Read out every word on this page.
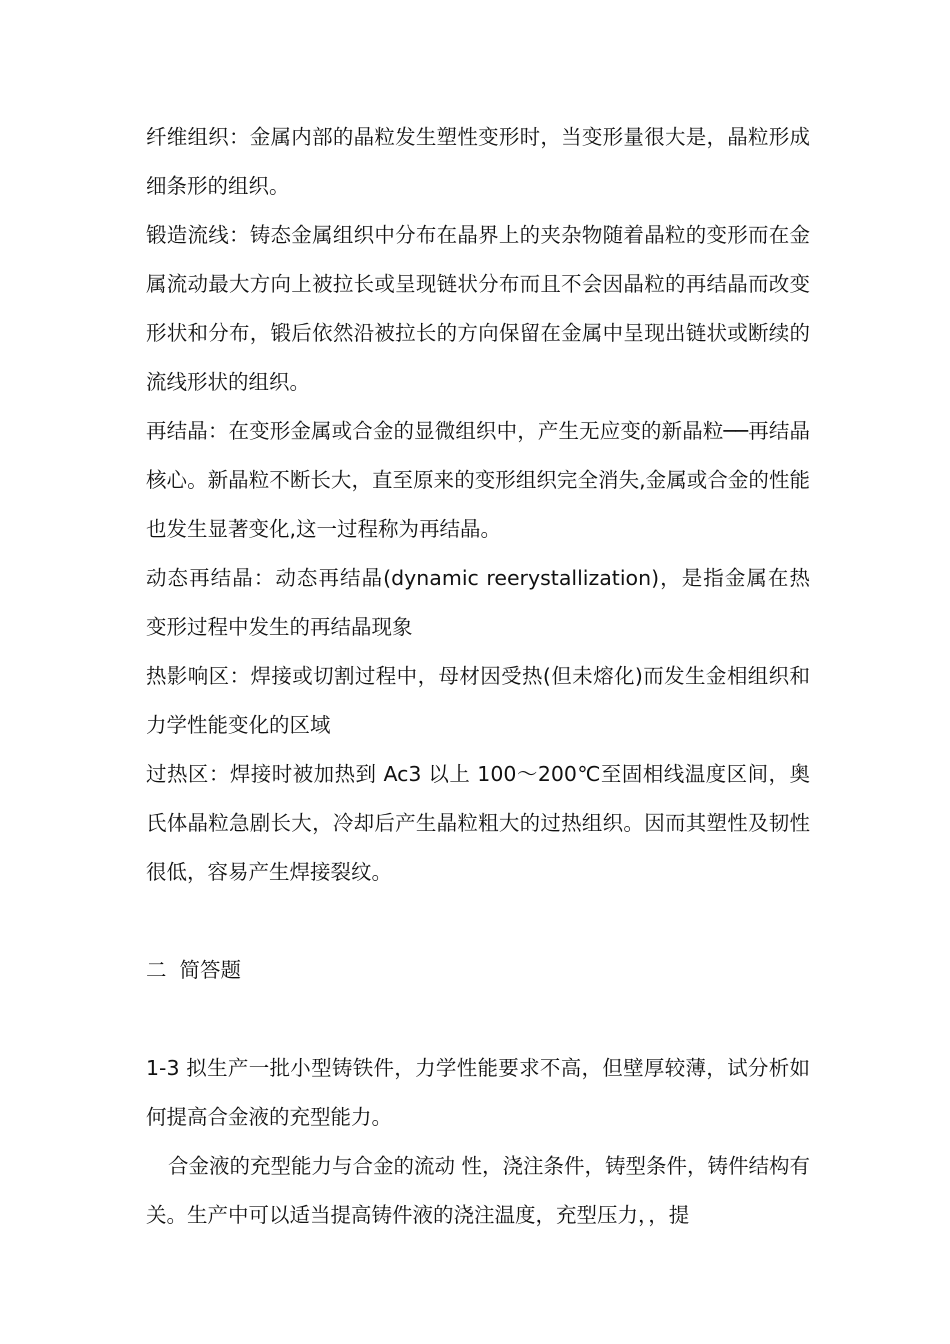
纤维组织：金属内部的晶粒发生塑性变形时，当变形量很大是，晶粒形成细条形的组织。

锻造流线：铸态金属组织中分布在晶界上的夹杂物随着晶粒的变形而在金属流动最大方向上被拉长或呈现链状分布而且不会因晶粒的再结晶而改变形状和分布，锻后依然沿被拉长的方向保留在金属中呈现出链状或断续的流线形状的组织。

再结晶：在变形金属或合金的显微组织中，产生无应变的新晶粒──再结晶核心。新晶粒不断长大，直至原来的变形组织完全消失,金属或合金的性能也发生显著变化,这一过程称为再结晶。

动态再结晶：动态再结晶(dynamic reerystallization)，是指金属在热变形过程中发生的再结晶现象

热影响区：焊接或切割过程中，母材因受热(但未熔化)而发生金相组织和力学性能变化的区域

过热区：焊接时被加热到 Ac3 以上 100～200℃至固相线温度区间，奥氏体晶粒急剧长大，冷却后产生晶粒粗大的过热组织。因而其塑性及韧性很低，容易产生焊接裂纹。

二  简答题

1-3 拟生产一批小型铸铁件，力学性能要求不高，但壁厚较薄，试分析如何提高合金液的充型能力。

合金液的充型能力与合金的流动 性，浇注条件，铸型条件，铸件结构有关。生产中可以适当提高铸件液的浇注温度，充型压力，，提
